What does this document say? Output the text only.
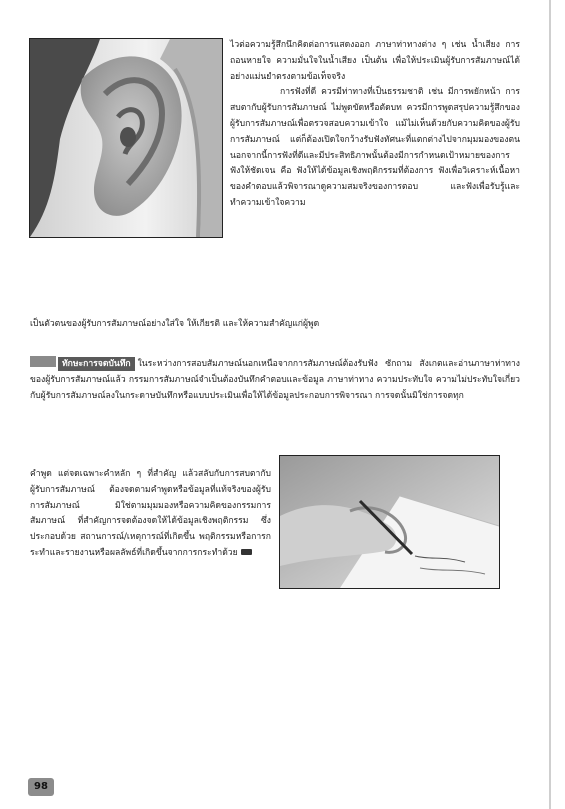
ไวต่อความรู้สึกนึกคิดต่อการแสดงออก ภาษาท่าทางต่าง ๆ เช่น น้ำเสียง การถอนหายใจ ความมั่นใจในน้ำเสียง เป็นต้น เพื่อให้ประเมินผู้รับการสัมภาษณ์ได้อย่างแม่นยำตรงตามข้อเท็จจริง

การฟังที่ดี ควรมีท่าทางที่เป็นธรรมชาติ เช่น มีการพยักหน้า การสบตากับผู้รับการสัมภาษณ์ ไม่พูดขัดหรือตัดบท ควรมีการพูดสรุปความรู้สึกของผู้รับการสัมภาษณ์เพื่อตรวจสอบความเข้าใจ แม้ไม่เห็นด้วยกับความคิดของผู้รับการสัมภาษณ์ แต่ก็ต้องเปิดใจกว้างรับฟังทัศนะที่แตกต่างไปจากมุมมองของตน นอกจากนี้การฟังที่ดีและมีประสิทธิภาพนั้นต้องมีการกำหนดเป้าหมายของการฟังให้ชัดเจน คือ ฟังให้ได้ข้อมูลเชิงพฤติกรรมที่ต้องการ ฟังเพื่อวิเคราะห์เนื้อหาของคำตอบแล้วพิจารณาดูความสมจริงของการตอบ และฟังเพื่อรับรู้และทำความเข้าใจความ

เป็นตัวตนของผู้รับการสัมภาษณ์อย่างใส่ใจ ให้เกียรติ และให้ความสำคัญแก่ผู้พูด

ทักษะการจดบันทึก ในระหว่างการสอบสัมภาษณ์นอกเหนือจากการสัมภาษณ์ต้องรับฟัง ซักถาม สังเกตและอ่านภาษาท่าทางของผู้รับการสัมภาษณ์แล้ว กรรมการสัมภาษณ์จำเป็นต้องบันทึกคำตอบและข้อมูล ภาษาท่าทาง ความประทับใจ ความไม่ประทับใจเกี่ยวกับผู้รับการสัมภาษณ์ลงในกระดาษบันทึกหรือแบบประเมินเพื่อให้ได้ข้อมูลประกอบการพิจารณา การจดนั้นมิใช่การจดทุก

คำพูด แต่จดเฉพาะคำหลัก ๆ ที่สำคัญ แล้วสลับกับการสบตากับผู้รับการสัมภาษณ์ ต้องจดตามคำพูดหรือข้อมูลที่แท้จริงของผู้รับการสัมภาษณ์ มิใช่ตามมุมมองหรือความคิดของกรรมการสัมภาษณ์ ที่สำคัญการจดต้องจดให้ได้ข้อมูลเชิงพฤติกรรม ซึ่งประกอบด้วย สถานการณ์/เหตุการณ์ที่เกิดขึ้น พฤติกรรมหรือการกระทำและรายงานหรือผลลัพธ์ที่เกิดขึ้นจากการกระทำด้วย

98
